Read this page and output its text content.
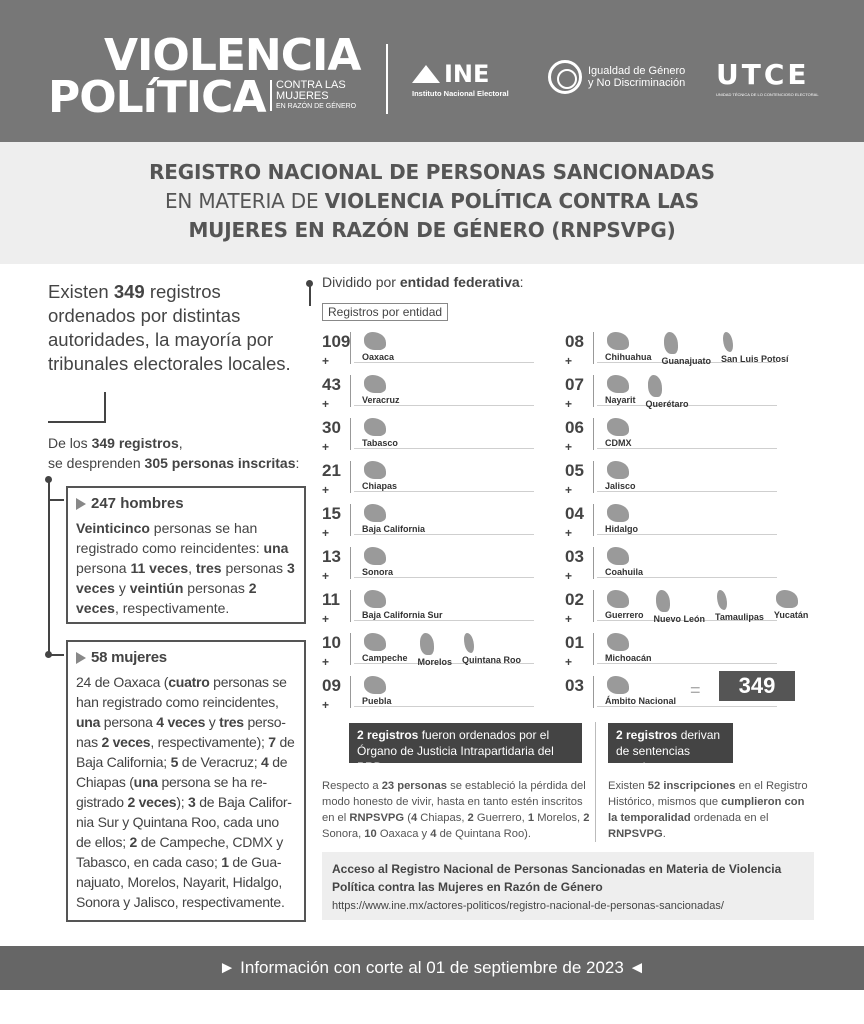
VIOLENCIA
POLíTICA CONTRA LAS
MUJERES
EN RAZÓN DE GÉNERO
INE
Instituto Nacional Electoral
Igualdad de Género
y No Discriminación UTCE
UNIDAD TÉCNICA DE LO CONTENCIOSO ELECTORAL
REGISTRO NACIONAL DE PERSONAS SANCIONADAS
EN MATERIA DE VIOLENCIA POLÍTICA CONTRA LAS
MUJERES EN RAZÓN DE GÉNERO (RNPSVPG)
Existen 349 registros ordenados por distintas autoridades, la mayoría por tribunales electorales locales.
De los 349 registros,
se desprenden 305 personas inscritas:
247 hombres
Veinticinco personas se han registrado como reincidentes: una persona 11 veces, tres personas 3 veces y veintiún personas 2 veces, respectivamente.
58 mujeres
24 de Oaxaca (cuatro personas se han registrado como reincidentes, una persona 4 veces y tres perso-nas 2 veces, respectivamente); 7 de Baja California; 5 de Veracruz; 4 de Chiapas (una persona se ha re-gistrado 2 veces); 3 de Baja Califor-nia Sur y Quintana Roo, cada uno de ellos; 2 de Campeche, CDMX y Tabasco, en cada caso; 1 de Gua-najuato, Morelos, Nayarit, Hidalgo, Sonora y Jalisco, respectivamente.
Dividido por entidad federativa:
Registros por entidad
109
+	Oaxaca
43
+	Veracruz
30
+	Tabasco
21
+	Chiapas
15
+	Baja California
13
+	Sonora
11
+	Baja California Sur
10
+	Campeche Morelos Quintana Roo
09
+	Puebla
08
+	Chihuahua Guanajuato San Luis Potosí
07
+	Nayarit Querétaro
06
+	CDMX
05
+	Jalisco
04
+	Hidalgo
03
+	Coahuila
02
+	Guerrero Nuevo León Tamaulipas Yucatán
01
+	Michoacán
03
Ámbito Nacional
=	349
2 registros fueron ordenados por el Órgano de Justicia Intrapartidaria del PRD.
2 registros derivan de sentencias penales.
Respecto a 23 personas se estableció la pérdida del modo honesto de vivir, hasta en tanto estén inscritos en el RNPSVPG (4 Chiapas, 2 Guerrero, 1 Morelos, 2 Sonora, 10 Oaxaca y 4 de Quintana Roo).
Existen 52 inscripciones en el Registro Histórico, mismos que cumplieron con la temporalidad ordenada en el RNPSVPG.
Acceso al Registro Nacional de Personas Sancionadas en Materia de Violencia Política contra las Mujeres en Razón de Género
https://www.ine.mx/actores-politicos/registro-nacional-de-personas-sancionadas/
► Información con corte al 01 de septiembre de 2023 ◄
